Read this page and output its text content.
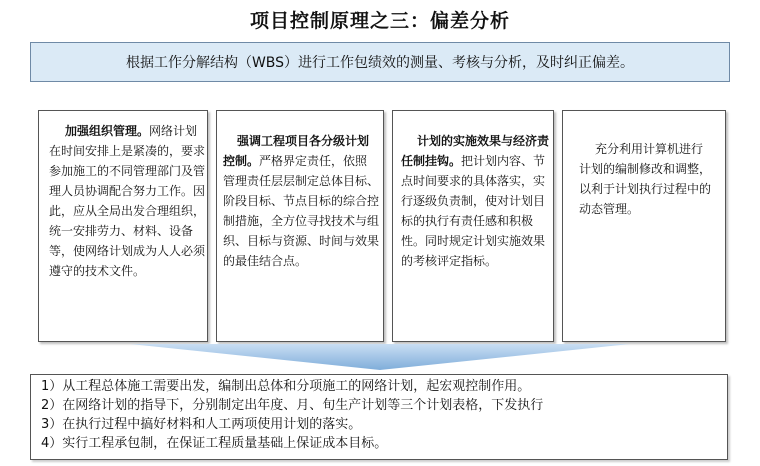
项目控制原理之三：偏差分析
根据工作分解结构（WBS）进行工作包绩效的测量、考核与分析，及时纠正偏差。

加强组织管理。网络计划在时间安排上是紧凑的，要求参加施工的不同管理部门及管理人员协调配合努力工作。因此，应从全局出发合理组织，统一安排劳力、材料、设备等，使网络计划成为人人必须遵守的技术文件。
强调工程项目各分级计划控制。严格界定责任，依照管理责任层层制定总体目标、阶段目标、节点目标的综合控制措施，全方位寻找技术与组织、目标与资源、时间与效果的最佳结合点。
计划的实施效果与经济责任制挂钩。把计划内容、节点时间要求的具体落实，实行逐级负责制，使对计划目标的执行有责任感和积极性。同时规定计划实施效果的考核评定指标。
充分利用计算机进行计划的编制修改和调整，以利于计划执行过程中的动态管理。
1）从工程总体施工需要出发，编制出总体和分项施工的网络计划，起宏观控制作用。
2）在网络计划的指导下，分别制定出年度、月、旬生产计划等三个计划表格，下发执行
3）在执行过程中搞好材料和人工两项使用计划的落实。
4）实行工程承包制，在保证工程质量基础上保证成本目标。
